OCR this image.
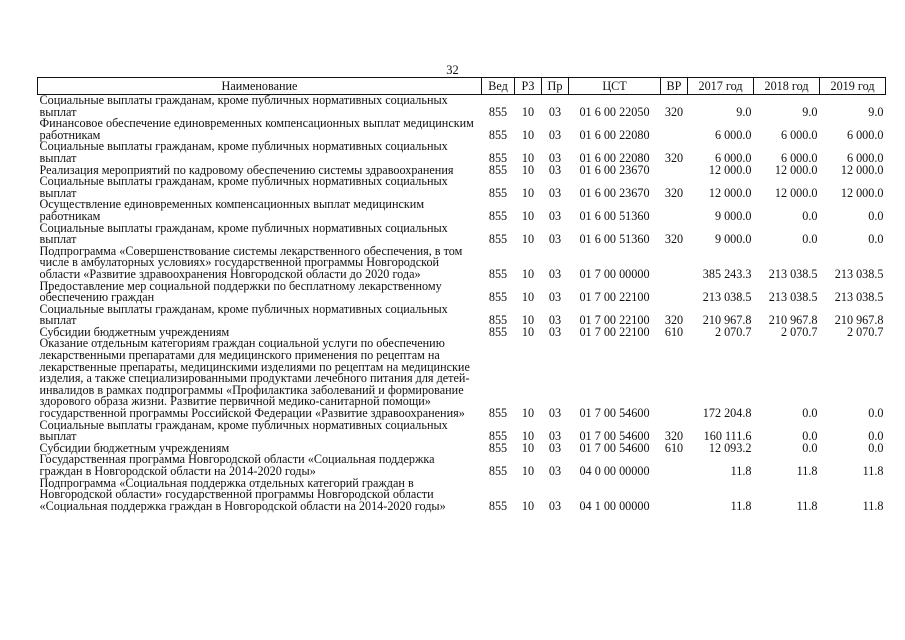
32
Наименование	Вед	РЗ	Пр	ЦСТ	ВР	2017 год	2018 год	2019 год
Социальные выплаты гражданам, кроме публичных нормативных социальных выплат	855	10	03	01 6 00 22050	320	9.0	9.0	9.0
Финансовое обеспечение единовременных компенсационных выплат медицинским работникам	855	10	03	01 6 00 22080		6 000.0	6 000.0	6 000.0
Социальные выплаты гражданам, кроме публичных нормативных социальных выплат	855	10	03	01 6 00 22080	320	6 000.0	6 000.0	6 000.0
Реализация мероприятий по кадровому обеспечению системы здравоохранения	855	10	03	01 6 00 23670		12 000.0	12 000.0	12 000.0
Социальные выплаты гражданам, кроме публичных нормативных социальных выплат	855	10	03	01 6 00 23670	320	12 000.0	12 000.0	12 000.0
Осуществление единовременных компенсационных выплат медицинским работникам	855	10	03	01 6 00 51360		9 000.0	0.0	0.0
Социальные выплаты гражданам, кроме публичных нормативных социальных выплат	855	10	03	01 6 00 51360	320	9 000.0	0.0	0.0
Подпрограмма «Совершенствование системы лекарственного обеспечения, в том числе в амбулаторных условиях» государственной программы Новгородской области «Развитие здравоохранения Новгородской области до 2020 года»	855	10	03	01 7 00 00000		385 243.3	213 038.5	213 038.5
Предоставление мер социальной поддержки по бесплатному лекарственному обеспечению граждан	855	10	03	01 7 00 22100		213 038.5	213 038.5	213 038.5
Социальные выплаты гражданам, кроме публичных нормативных социальных выплат	855	10	03	01 7 00 22100	320	210 967.8	210 967.8	210 967.8
Субсидии бюджетным учреждениям	855	10	03	01 7 00 22100	610	2 070.7	2 070.7	2 070.7
Оказание отдельным категориям граждан социальной услуги по обеспечению лекарственными препаратами для медицинского применения по рецептам на лекарственные препараты, медицинскими изделиями по рецептам на медицинские изделия, а также специализированными продуктами лечебного питания для детей-инвалидов в рамках подпрограммы «Профилактика заболеваний и формирование здорового образа жизни. Развитие первичной медико-санитарной помощи» государственной программы Российской Федерации «Развитие здравоохранения»	855	10	03	01 7 00 54600		172 204.8	0.0	0.0
Социальные выплаты гражданам, кроме публичных нормативных социальных выплат	855	10	03	01 7 00 54600	320	160 111.6	0.0	0.0
Субсидии бюджетным учреждениям	855	10	03	01 7 00 54600	610	12 093.2	0.0	0.0
Государственная программа Новгородской области «Социальная поддержка граждан в Новгородской области на 2014-2020 годы»	855	10	03	04 0 00 00000		11.8	11.8	11.8
Подпрограмма «Социальная поддержка отдельных категорий граждан в Новгородской области» государственной программы Новгородской области «Социальная поддержка граждан в Новгородской области на 2014-2020 годы»	855	10	03	04 1 00 00000		11.8	11.8	11.8
